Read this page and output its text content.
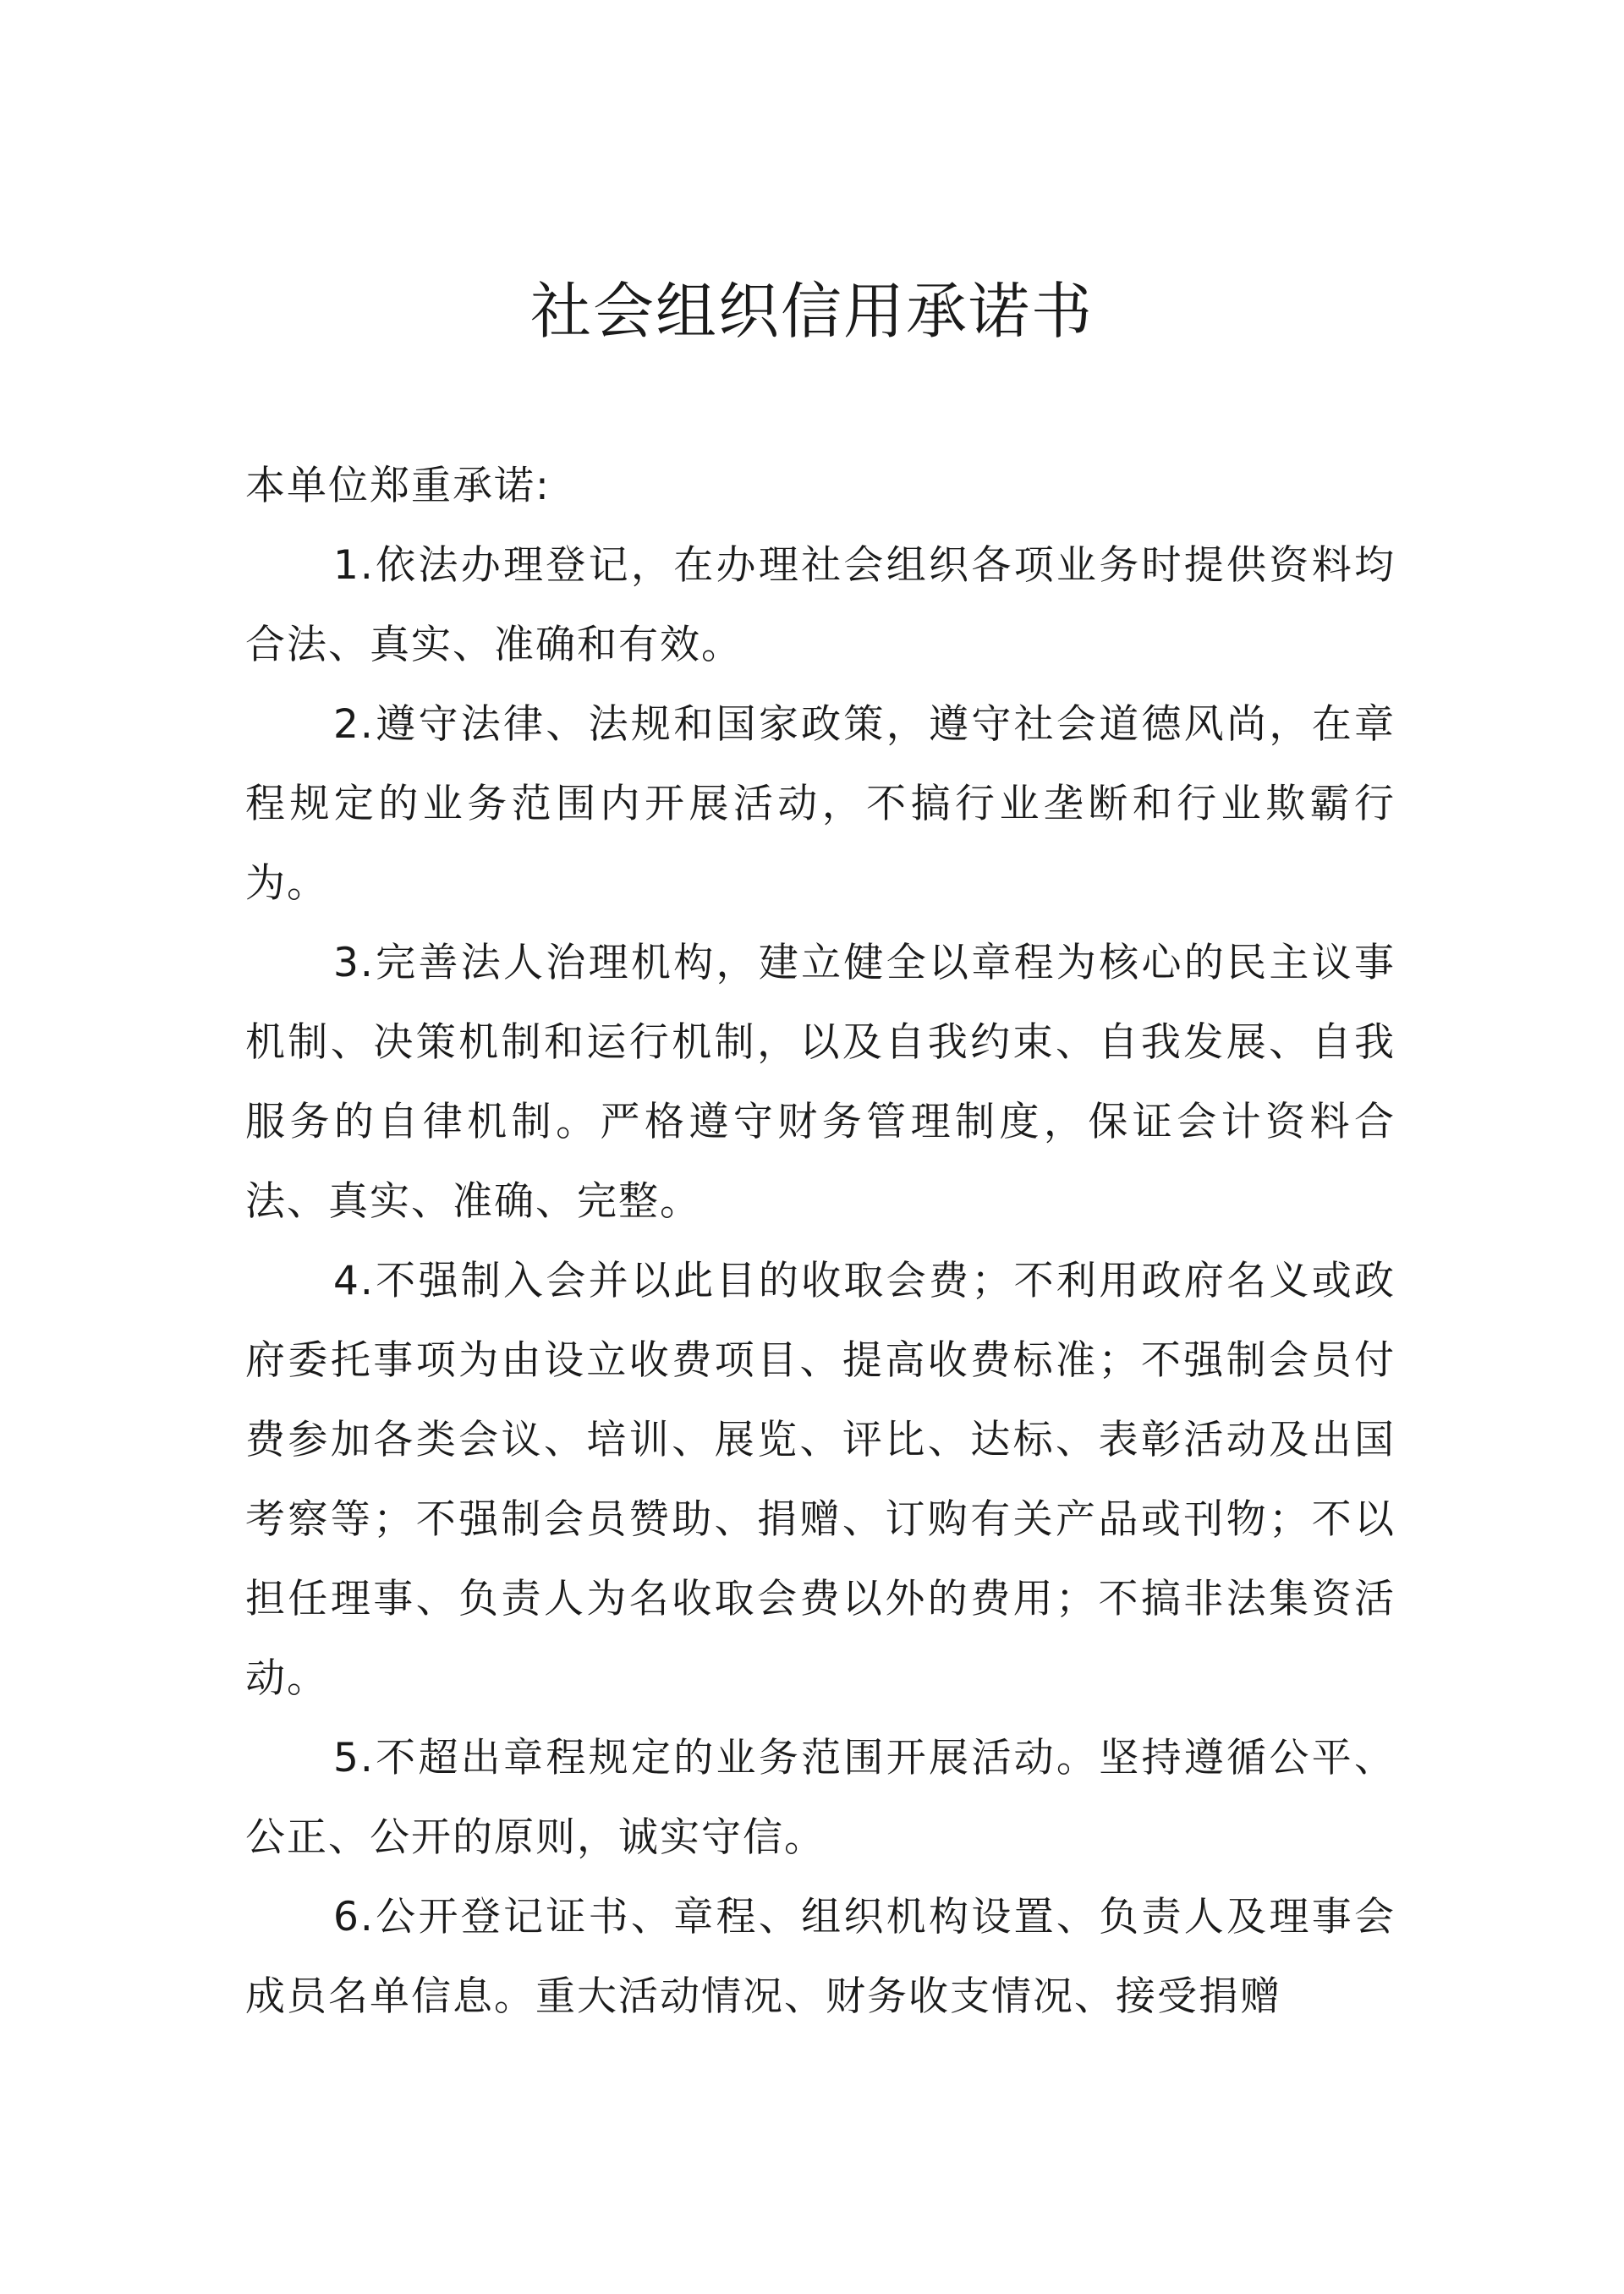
社会组织信用承诺书

本单位郑重承诺:

1.依法办理登记，在办理社会组织各项业务时提供资料均合法、真实、准确和有效。

2.遵守法律、法规和国家政策，遵守社会道德风尚，在章程规定的业务范围内开展活动，不搞行业垄断和行业欺霸行为。

3.完善法人治理机构，建立健全以章程为核心的民主议事机制、决策机制和运行机制，以及自我约束、自我发展、自我服务的自律机制。严格遵守财务管理制度，保证会计资料合法、真实、准确、完整。

4.不强制入会并以此目的收取会费；不利用政府名义或政府委托事项为由设立收费项目、提高收费标准；不强制会员付费参加各类会议、培训、展览、评比、达标、表彰活动及出国考察等；不强制会员赞助、捐赠、订购有关产品或刊物；不以担任理事、负责人为名收取会费以外的费用；不搞非法集资活动。

5.不超出章程规定的业务范围开展活动。坚持遵循公平、公正、公开的原则，诚实守信。

6.公开登记证书、章程、组织机构设置、负责人及理事会成员名单信息。重大活动情况、财务收支情况、接受捐赠
